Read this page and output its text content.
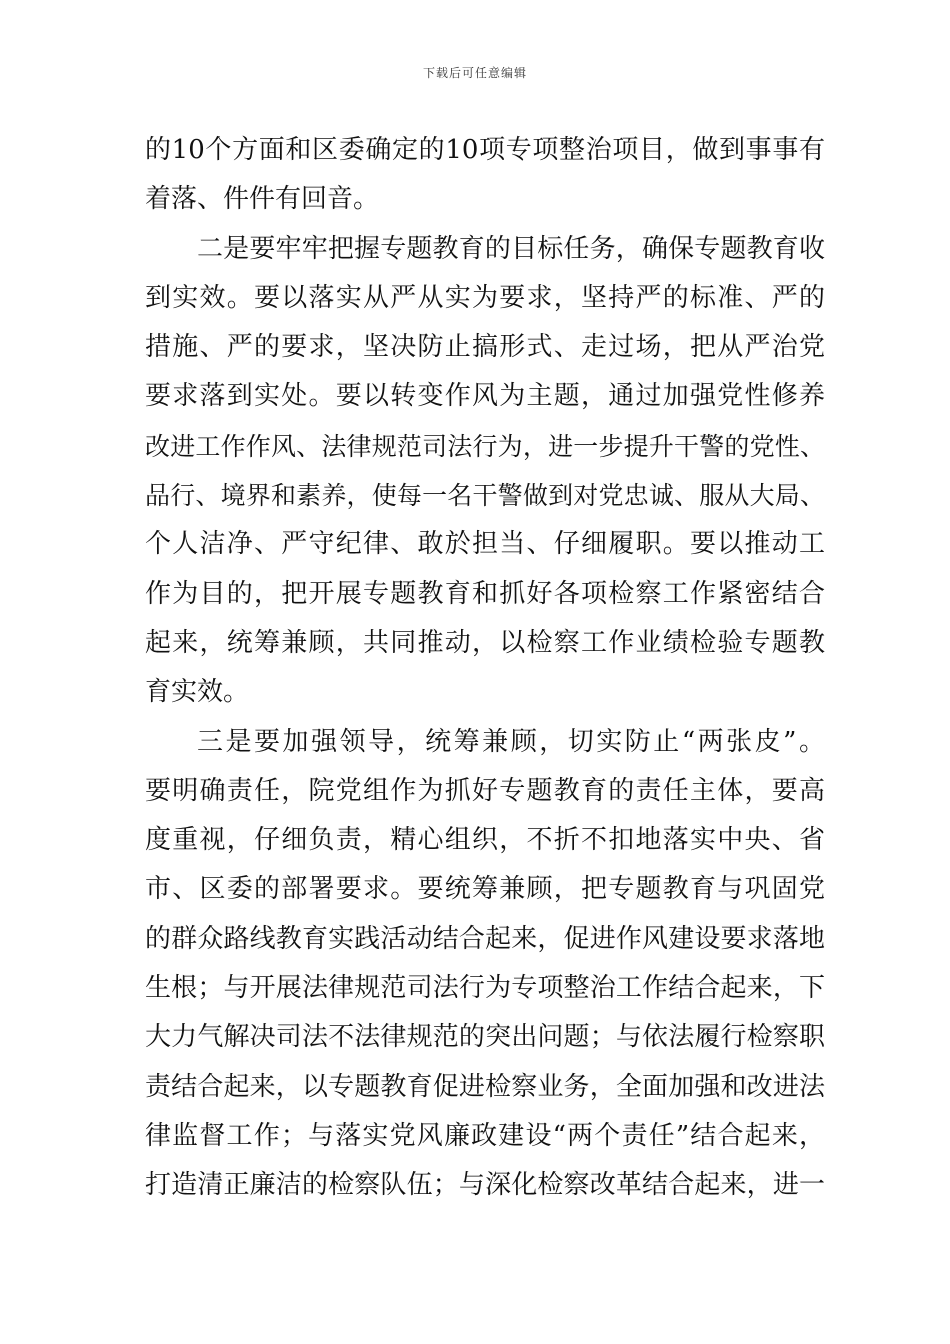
下载后可任意编辑
的10个方面和区委确定的10项专项整治项目，做到事事有
着落、件件有回音。
二是要牢牢把握专题教育的目标任务，确保专题教育收
到实效。要以落实从严从实为要求，坚持严的标准、严的
措施、严的要求，坚决防止搞形式、走过场，把从严治党
要求落到实处。要以转变作风为主题，通过加强党性修养
改进工作作风、法律规范司法行为，进一步提升干警的党性、
品行、境界和素养，使每一名干警做到对党忠诚、服从大局、
个人洁净、严守纪律、敢於担当、仔细履职。要以推动工
作为目的，把开展专题教育和抓好各项检察工作紧密结合
起来，统筹兼顾，共同推动，以检察工作业绩检验专题教
育实效。
三是要加强领导，统筹兼顾，切实防止“两张皮”。
要明确责任，院党组作为抓好专题教育的责任主体，要高
度重视，仔细负责，精心组织，不折不扣地落实中央、省
市、区委的部署要求。要统筹兼顾，把专题教育与巩固党
的群众路线教育实践活动结合起来，促进作风建设要求落地
生根；与开展法律规范司法行为专项整治工作结合起来，下
大力气解决司法不法律规范的突出问题；与依法履行检察职
责结合起来，以专题教育促进检察业务，全面加强和改进法
律监督工作；与落实党风廉政建设“两个责任”结合起来，
打造清正廉洁的检察队伍；与深化检察改革结合起来，进一
